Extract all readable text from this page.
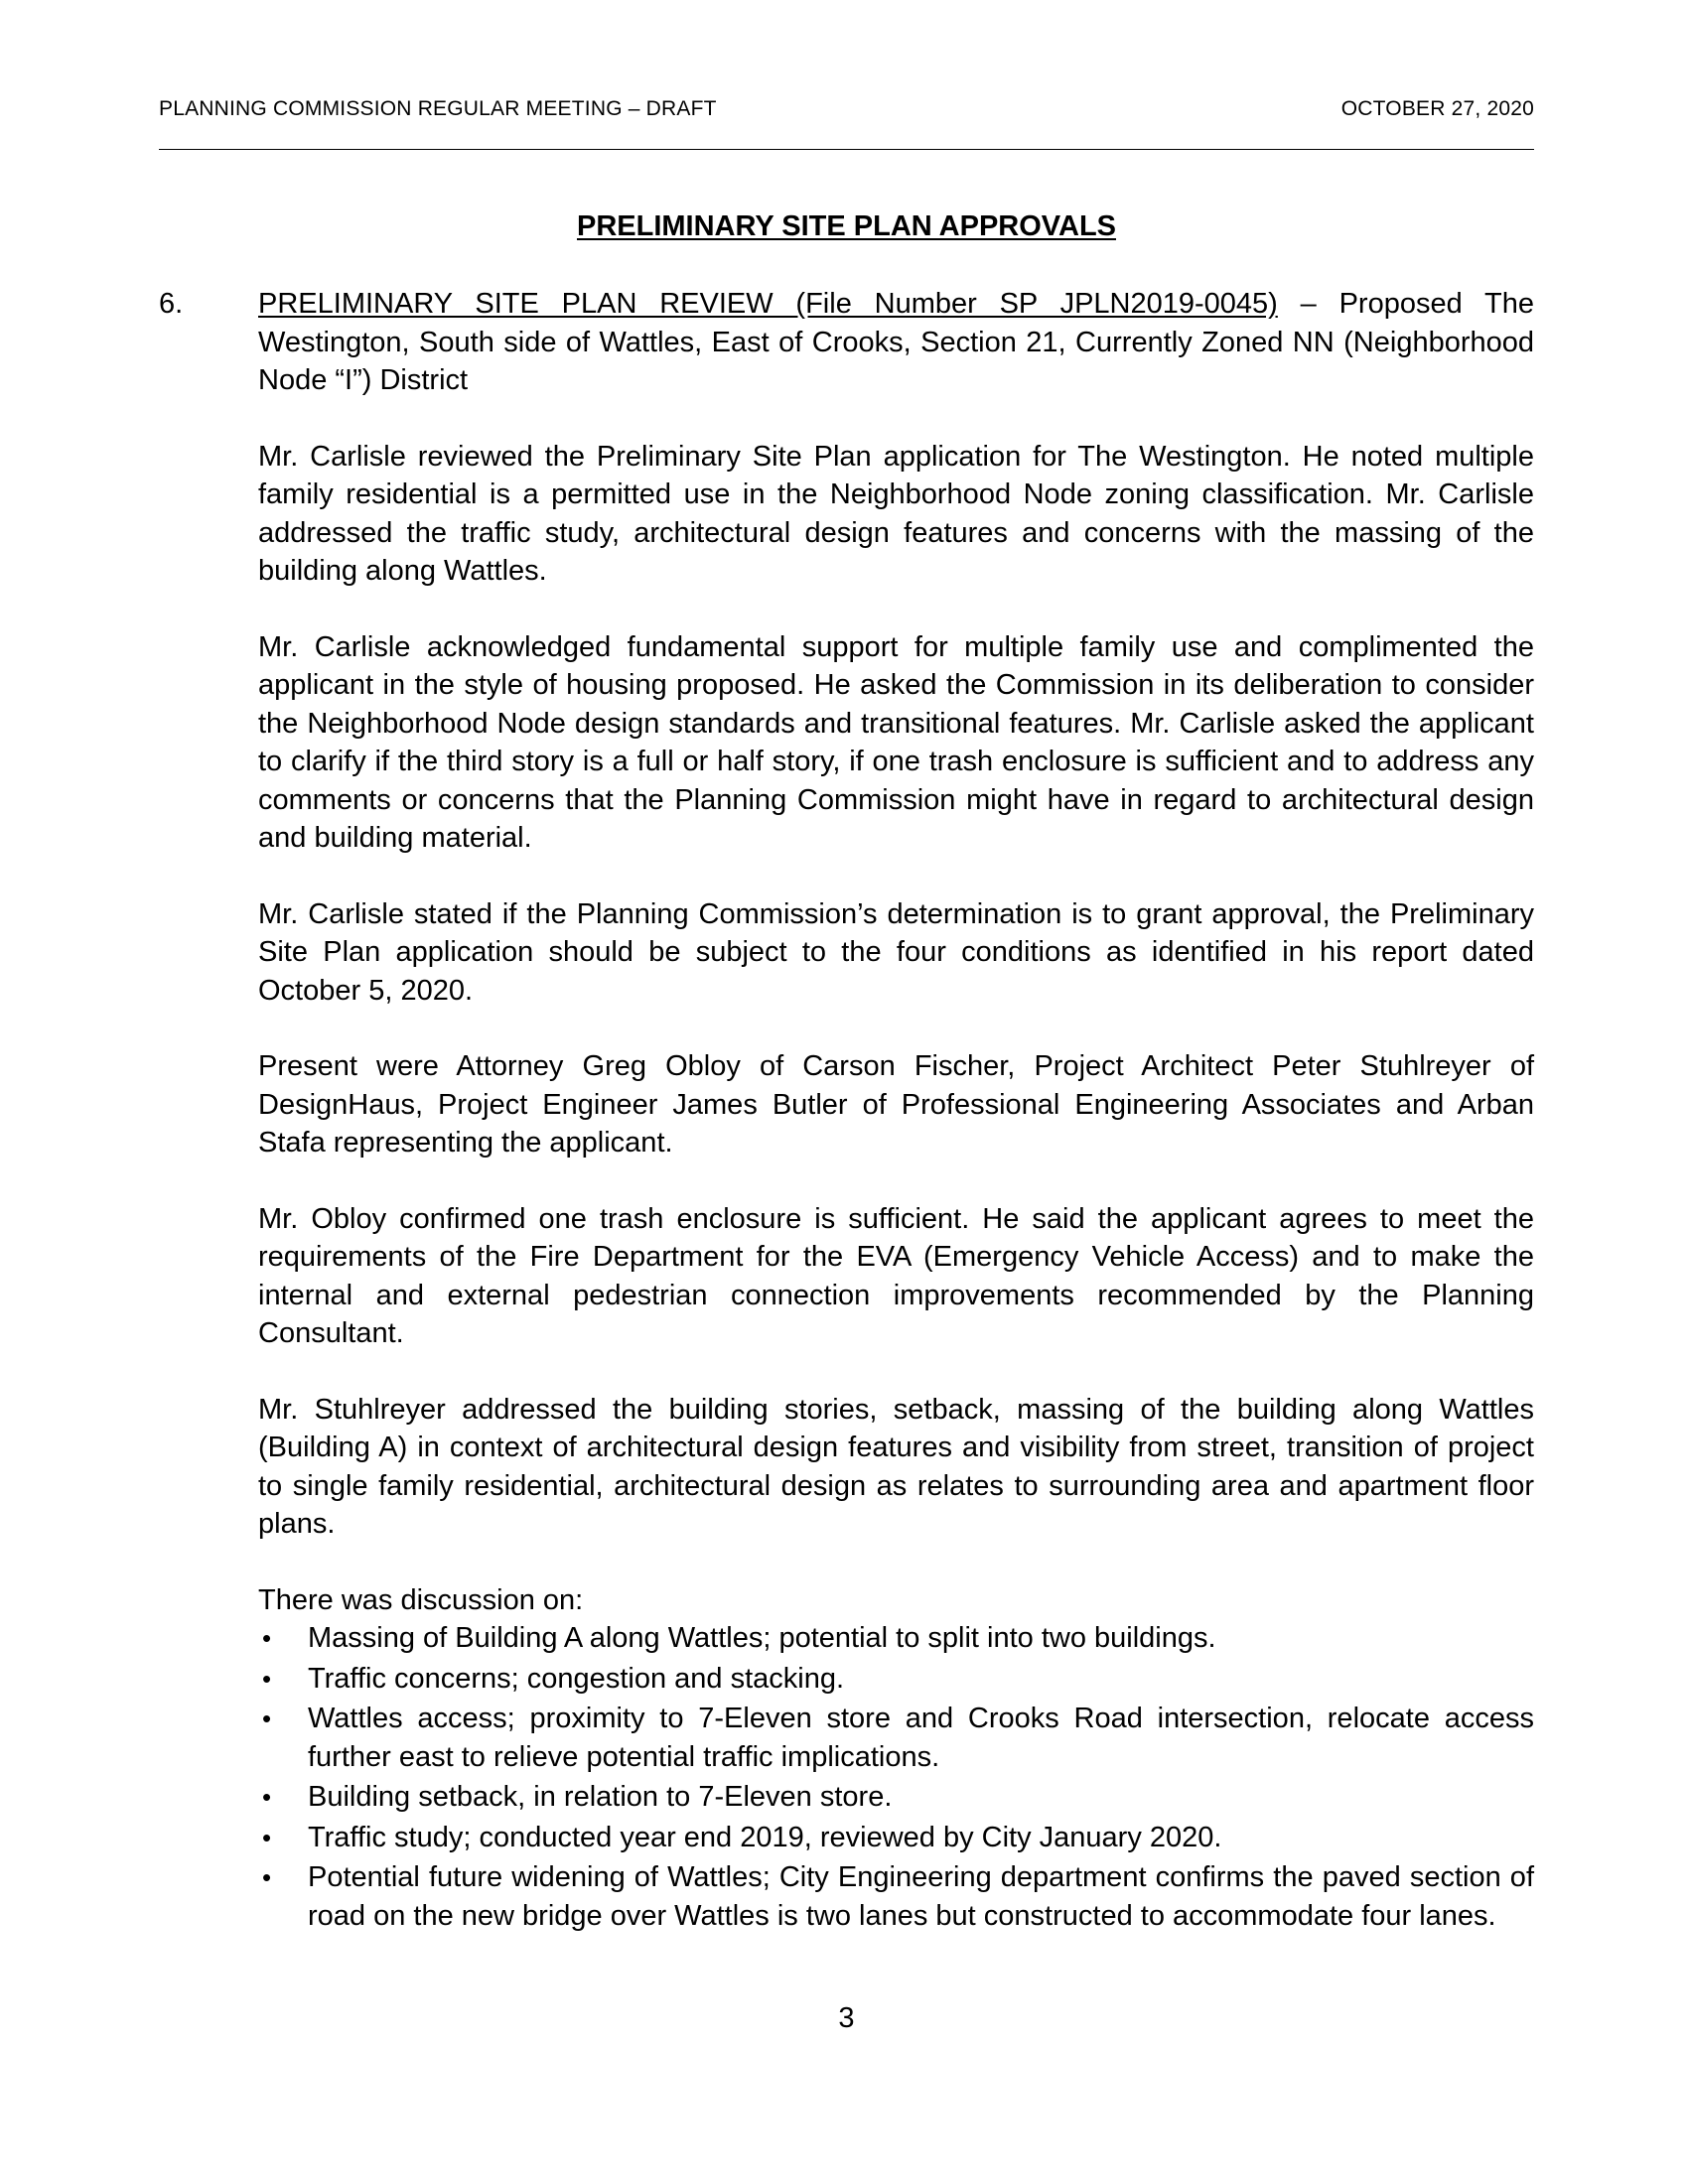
PLANNING COMMISSION REGULAR MEETING – DRAFT	OCTOBER 27, 2020
PRELIMINARY SITE PLAN APPROVALS
6.	PRELIMINARY SITE PLAN REVIEW (File Number SP JPLN2019-0045) – Proposed The Westington, South side of Wattles, East of Crooks, Section 21, Currently Zoned NN (Neighborhood Node “I”) District

Mr. Carlisle reviewed the Preliminary Site Plan application for The Westington. He noted multiple family residential is a permitted use in the Neighborhood Node zoning classification. Mr. Carlisle addressed the traffic study, architectural design features and concerns with the massing of the building along Wattles.

Mr. Carlisle acknowledged fundamental support for multiple family use and complimented the applicant in the style of housing proposed. He asked the Commission in its deliberation to consider the Neighborhood Node design standards and transitional features. Mr. Carlisle asked the applicant to clarify if the third story is a full or half story, if one trash enclosure is sufficient and to address any comments or concerns that the Planning Commission might have in regard to architectural design and building material.

Mr. Carlisle stated if the Planning Commission’s determination is to grant approval, the Preliminary Site Plan application should be subject to the four conditions as identified in his report dated October 5, 2020.

Present were Attorney Greg Obloy of Carson Fischer, Project Architect Peter Stuhlreyer of DesignHaus, Project Engineer James Butler of Professional Engineering Associates and Arban Stafa representing the applicant.

Mr. Obloy confirmed one trash enclosure is sufficient. He said the applicant agrees to meet the requirements of the Fire Department for the EVA (Emergency Vehicle Access) and to make the internal and external pedestrian connection improvements recommended by the Planning Consultant.

Mr. Stuhlreyer addressed the building stories, setback, massing of the building along Wattles (Building A) in context of architectural design features and visibility from street, transition of project to single family residential, architectural design as relates to surrounding area and apartment floor plans.

There was discussion on:

• Massing of Building A along Wattles; potential to split into two buildings.
• Traffic concerns; congestion and stacking.
• Wattles access; proximity to 7-Eleven store and Crooks Road intersection, relocate access further east to relieve potential traffic implications.
• Building setback, in relation to 7-Eleven store.
• Traffic study; conducted year end 2019, reviewed by City January 2020.
• Potential future widening of Wattles; City Engineering department confirms the paved section of road on the new bridge over Wattles is two lanes but constructed to accommodate four lanes.
3
